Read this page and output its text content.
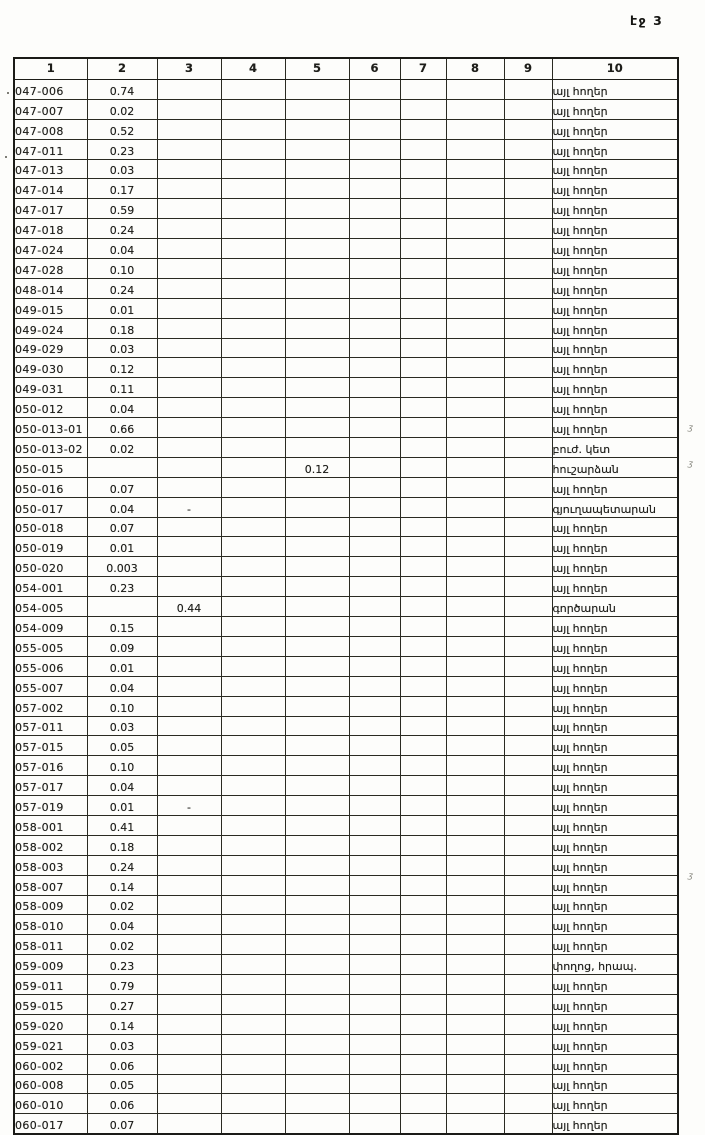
էջ 3
1	2	3	4	5	6	7	8	9	10
047-006	0.74								այլ հողեր
047-007	0.02								այլ հողեր
047-008	0.52								այլ հողեր
047-011	0.23								այլ հողեր
047-013	0.03								այլ հողեր
047-014	0.17								այլ հողեր
047-017	0.59								այլ հողեր
047-018	0.24								այլ հողեր
047-024	0.04								այլ հողեր
047-028	0.10								այլ հողեր
048-014	0.24								այլ հողեր
049-015	0.01								այլ հողեր
049-024	0.18								այլ հողեր
049-029	0.03								այլ հողեր
049-030	0.12								այլ հողեր
049-031	0.11								այլ հողեր
050-012	0.04								այլ հողեր
050-013-01	0.66								այլ հողեր
050-013-02	0.02								բուժ. կետ
050-015				0.12					հուշարձան
050-016	0.07								այլ հողեր
050-017	0.04	-							գյուղապետարան
050-018	0.07								այլ հողեր
050-019	0.01								այլ հողեր
050-020	0.003								այլ հողեր
054-001	0.23								այլ հողեր
054-005		0.44							գործարան
054-009	0.15								այլ հողեր
055-005	0.09								այլ հողեր
055-006	0.01								այլ հողեր
055-007	0.04								այլ հողեր
057-002	0.10								այլ հողեր
057-011	0.03								այլ հողեր
057-015	0.05								այլ հողեր
057-016	0.10								այլ հողեր
057-017	0.04								այլ հողեր
057-019	0.01	-							այլ հողեր
058-001	0.41								այլ հողեր
058-002	0.18								այլ հողեր
058-003	0.24								այլ հողեր
058-007	0.14								այլ հողեր
058-009	0.02								այլ հողեր
058-010	0.04								այլ հողեր
058-011	0.02								այլ հողեր
059-009	0.23								փողոց, հրապ.
059-011	0.79								այլ հողեր
059-015	0.27								այլ հողեր
059-020	0.14								այլ հողեր
059-021	0.03								այլ հողեր
060-002	0.06								այլ հողեր
060-008	0.05								այլ հողեր
060-010	0.06								այլ հողեր
060-017	0.07								այլ հողեր
ʒ
ʒ
ʒ
